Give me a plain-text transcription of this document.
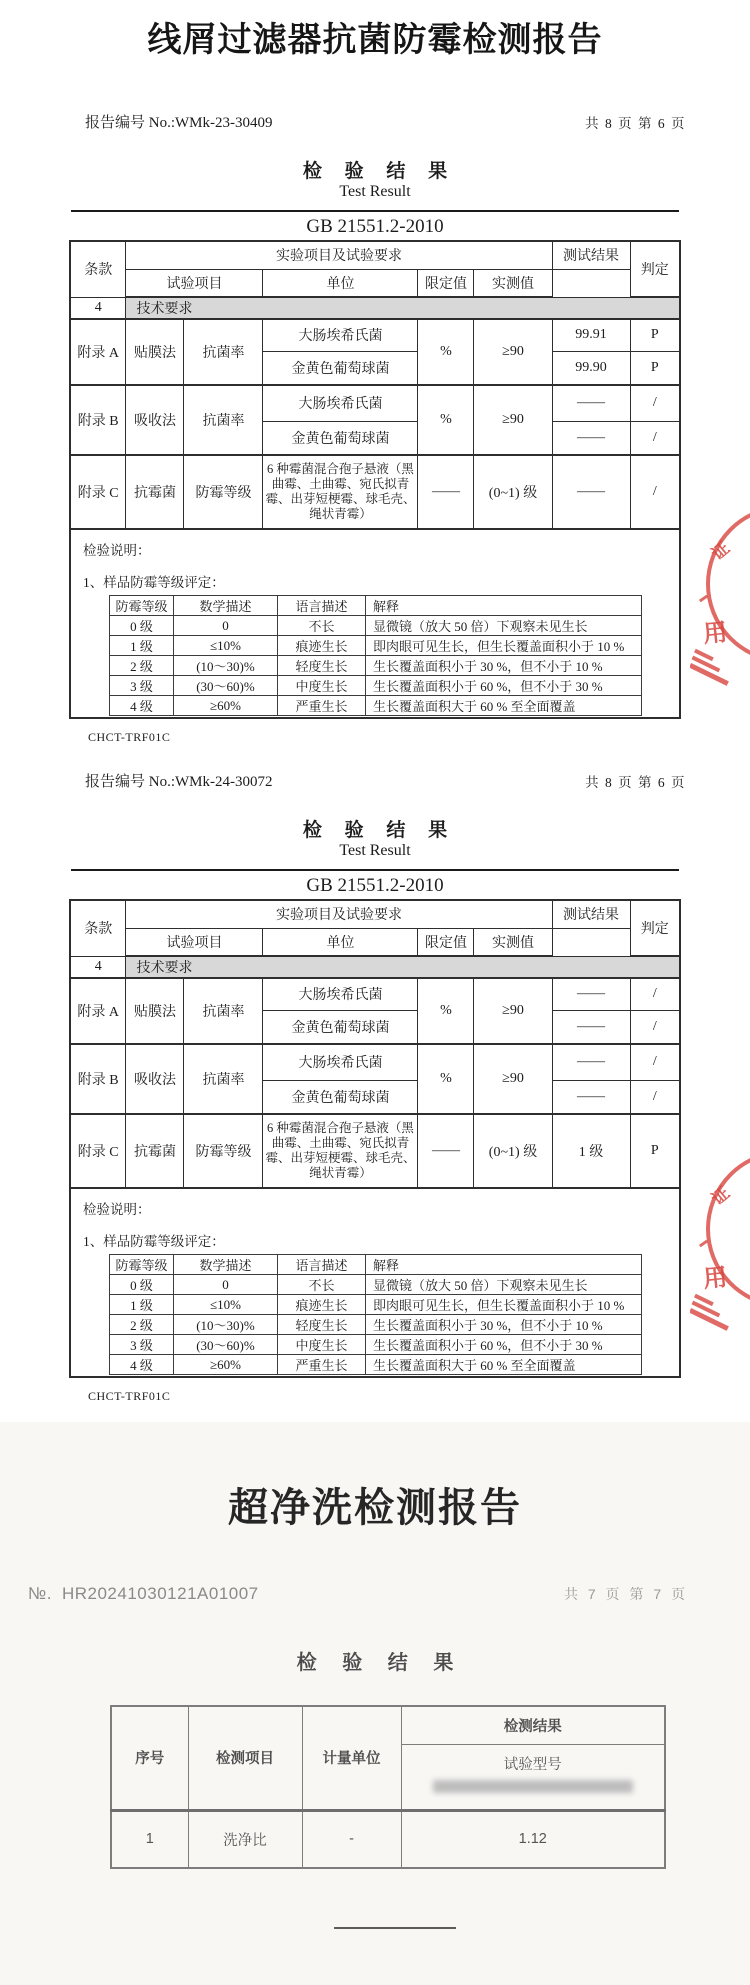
线屑过滤器抗菌防霉检测报告
报告编号 No.:WMk-23-30409	共 8 页 第 6 页
检 验 结 果
Test Result
GB 21551.2-2010
条款	实验项目及试验要求	测试结果	判定
试验项目	单位	限定值	实测值
4	技术要求
附录 A	贴膜法	抗菌率	大肠埃希氏菌	%	≥90	99.91	P
金黄色葡萄球菌	99.90	P
附录 B	吸收法	抗菌率	大肠埃希氏菌	%	≥90	——	/
金黄色葡萄球菌	——	/
附录 C	抗霉菌	防霉等级	6 种霉菌混合孢子悬液（黑曲霉、土曲霉、宛氏拟青霉、出芽短梗霉、球毛壳、绳状青霉）	——	(0~1) 级	——	/

检验说明：
1、样品防霉等级评定：
防霉等级	数学描述	语言描述	解释
0 级	0	不长	显微镜（放大 50 倍）下观察未见生长
1 级	≤10%	痕迹生长	即肉眼可见生长，但生长覆盖面积小于 10 %
2 级	(10～30)%	轻度生长	生长覆盖面积小于 30 %，但不小于 10 %
3 级	(30～60)%	中度生长	生长覆盖面积小于 60 %，但不小于 30 %
4 级	≥60%	严重生长	生长覆盖面积大于 60 % 至全面覆盖
CHCT-TRF01C
报告编号 No.:WMk-24-30072	共 8 页 第 6 页
检 验 结 果
Test Result
GB 21551.2-2010
条款	实验项目及试验要求	测试结果	判定
试验项目	单位	限定值	实测值
4	技术要求
附录 A	贴膜法	抗菌率	大肠埃希氏菌	%	≥90	——	/
金黄色葡萄球菌	——	/
附录 B	吸收法	抗菌率	大肠埃希氏菌	%	≥90	——	/
金黄色葡萄球菌	——	/
附录 C	抗霉菌	防霉等级	6 种霉菌混合孢子悬液（黑曲霉、土曲霉、宛氏拟青霉、出芽短梗霉、球毛壳、绳状青霉）	——	(0~1) 级	1 级	P

检验说明：
1、样品防霉等级评定：
防霉等级	数学描述	语言描述	解释
0 级	0	不长	显微镜（放大 50 倍）下观察未见生长
1 级	≤10%	痕迹生长	即肉眼可见生长，但生长覆盖面积小于 10 %
2 级	(10～30)%	轻度生长	生长覆盖面积小于 30 %，但不小于 10 %
3 级	(30～60)%	中度生长	生长覆盖面积小于 60 %，但不小于 30 %
4 级	≥60%	严重生长	生长覆盖面积大于 60 % 至全面覆盖
CHCT-TRF01C
超净洗检测报告
№. HR20241030121A01007	共 7 页 第 7 页
检 验 结 果
序号	检测项目	计量单位	检测结果

			试验型号

1	洗净比	-	1.12
证
用
证
用
